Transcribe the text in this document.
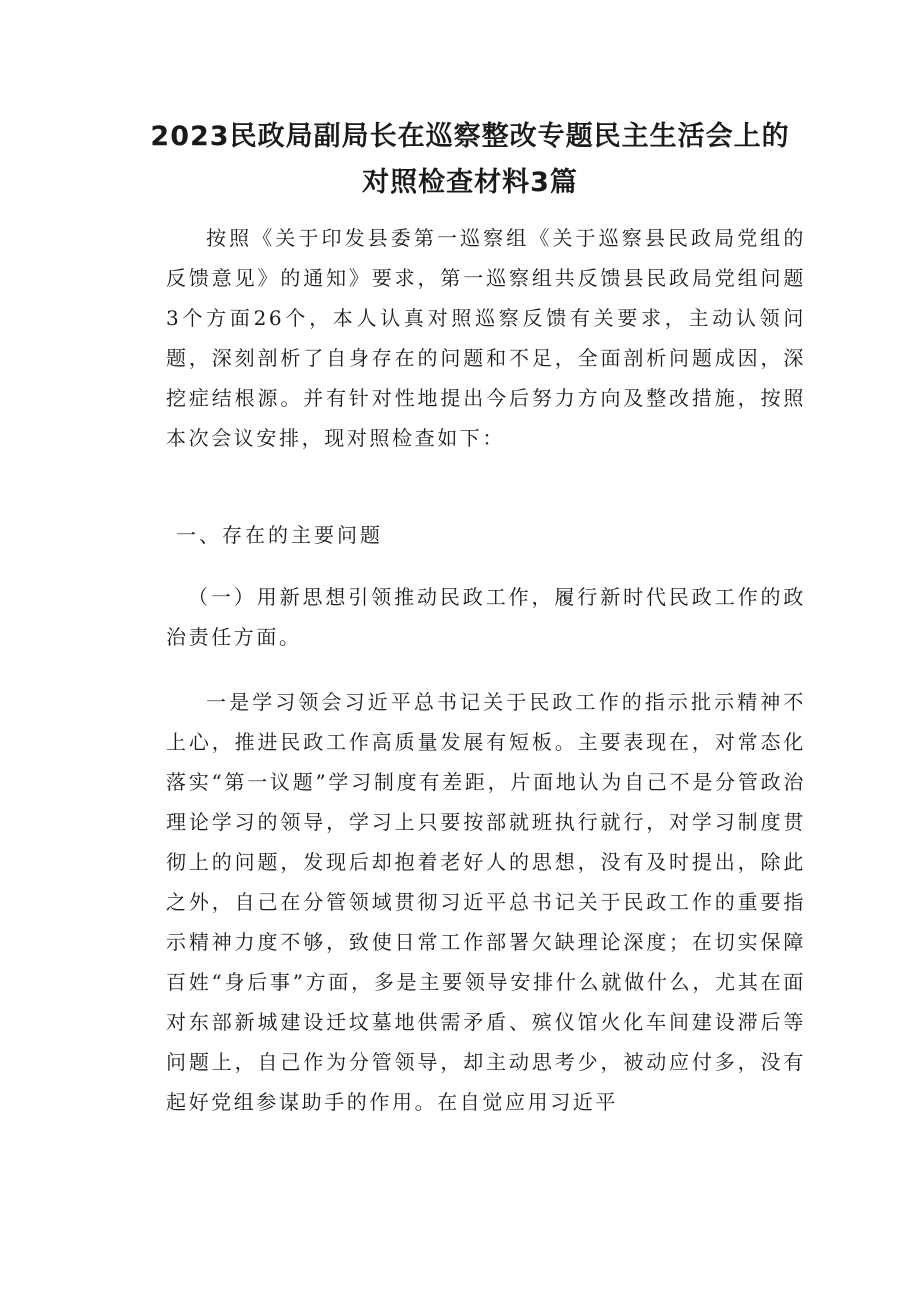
2023民政局副局长在巡察整改专题民主生活会上的
对照检查材料3篇
按照《关于印发县委第一巡察组《关于巡察县民政局党组的反馈意见》的通知》要求，第一巡察组共反馈县民政局党组问题3个方面26个，本人认真对照巡察反馈有关要求，主动认领问题，深刻剖析了自身存在的问题和不足，全面剖析问题成因，深挖症结根源。并有针对性地提出今后努力方向及整改措施，按照本次会议安排，现对照检查如下：
一、存在的主要问题
（一）用新思想引领推动民政工作，履行新时代民政工作的政治责任方面。
一是学习领会习近平总书记关于民政工作的指示批示精神不上心，推进民政工作高质量发展有短板。主要表现在，对常态化落实“第一议题”学习制度有差距，片面地认为自己不是分管政治理论学习的领导，学习上只要按部就班执行就行，对学习制度贯彻上的问题，发现后却抱着老好人的思想，没有及时提出，除此之外，自己在分管领域贯彻习近平总书记关于民政工作的重要指示精神力度不够，致使日常工作部署欠缺理论深度；在切实保障百姓“身后事”方面，多是主要领导安排什么就做什么，尤其在面对东部新城建设迁坟墓地供需矛盾、殡仪馆火化车间建设滞后等问题上，自己作为分管领导，却主动思考少，被动应付多，没有起好党组参谋助手的作用。在自觉应用习近平
